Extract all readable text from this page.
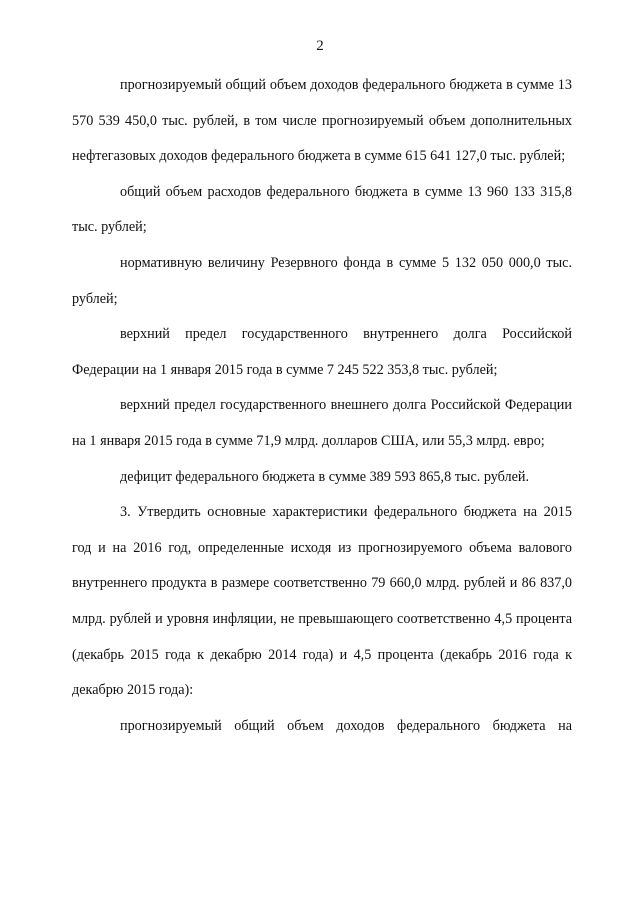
2

прогнозируемый общий объем доходов федерального бюджета в сумме 13 570 539 450,0 тыс. рублей, в том числе прогнозируемый объем дополнительных нефтегазовых доходов федерального бюджета в сумме 615 641 127,0 тыс. рублей;

общий объем расходов федерального бюджета в сумме 13 960 133 315,8 тыс. рублей;

нормативную величину Резервного фонда в сумме 5 132 050 000,0 тыс. рублей;

верхний предел государственного внутреннего долга Российской Федерации на 1 января 2015 года в сумме 7 245 522 353,8 тыс. рублей;

верхний предел государственного внешнего долга Российской Федерации на 1 января 2015 года в сумме 71,9 млрд. долларов США, или 55,3 млрд. евро;

дефицит федерального бюджета в сумме 389 593 865,8 тыс. рублей.

3. Утвердить основные характеристики федерального бюджета на 2015 год и на 2016 год, определенные исходя из прогнозируемого объема валового внутреннего продукта в размере соответственно 79 660,0 млрд. рублей и 86 837,0 млрд. рублей и уровня инфляции, не превышающего соответственно 4,5 процента (декабрь 2015 года к декабрю 2014 года) и 4,5 процента (декабрь 2016 года к декабрю 2015 года):

прогнозируемый общий объем доходов федерального бюджета на
